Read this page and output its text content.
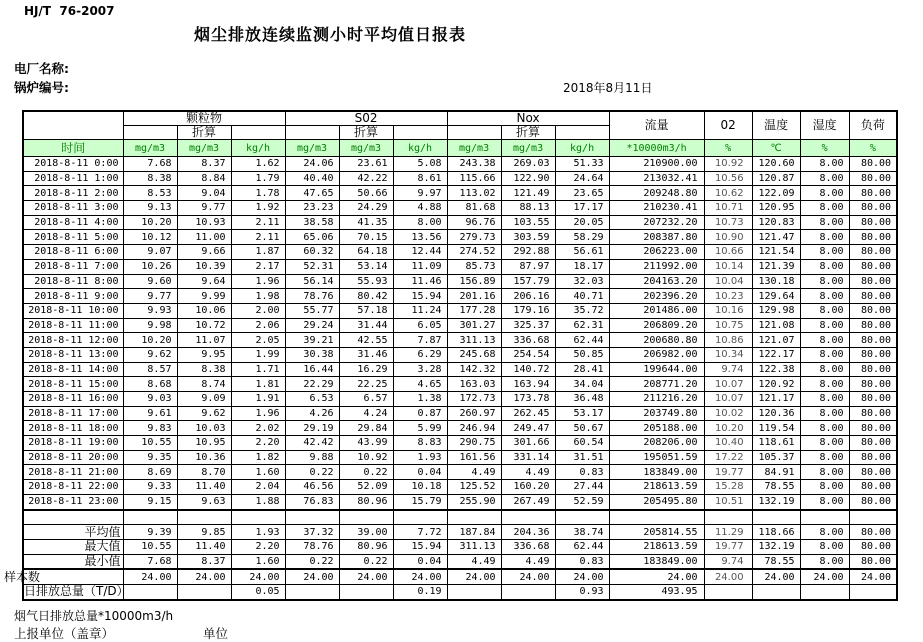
HJ/T  76-2007
烟尘排放连续监测小时平均值日报表
电厂名称:
锅炉编号:	2018年8月11日
	颗粒物			S02			Nox			流量	02	温度	湿度	负荷
		折算			折算			折算						
时间	mg/m3	mg/m3	kg/h	mg/m3	mg/m3	kg/h	mg/m3	mg/m3	kg/h	*10000m3/h	%	℃	%	%
2018-8-11 0:00	7.68	8.37	1.62	24.06	23.61	5.08	243.38	269.03	51.33	210900.00	10.92	120.60	8.00	80.00
2018-8-11 1:00	8.38	8.84	1.79	40.40	42.22	8.61	115.66	122.90	24.64	213032.41	10.56	120.87	8.00	80.00
2018-8-11 2:00	8.53	9.04	1.78	47.65	50.66	9.97	113.02	121.49	23.65	209248.80	10.62	122.09	8.00	80.00
2018-8-11 3:00	9.13	9.77	1.92	23.23	24.29	4.88	81.68	88.13	17.17	210230.41	10.71	120.95	8.00	80.00
2018-8-11 4:00	10.20	10.93	2.11	38.58	41.35	8.00	96.76	103.55	20.05	207232.20	10.73	120.83	8.00	80.00
2018-8-11 5:00	10.12	11.00	2.11	65.06	70.15	13.56	279.73	303.59	58.29	208387.80	10.90	121.47	8.00	80.00
2018-8-11 6:00	9.07	9.66	1.87	60.32	64.18	12.44	274.52	292.88	56.61	206223.00	10.66	121.54	8.00	80.00
2018-8-11 7:00	10.26	10.39	2.17	52.31	53.14	11.09	85.73	87.97	18.17	211992.00	10.14	121.39	8.00	80.00
2018-8-11 8:00	9.60	9.64	1.96	56.14	55.93	11.46	156.89	157.79	32.03	204163.20	10.04	130.18	8.00	80.00
2018-8-11 9:00	9.77	9.99	1.98	78.76	80.42	15.94	201.16	206.16	40.71	202396.20	10.23	129.64	8.00	80.00
2018-8-11 10:00	9.93	10.06	2.00	55.77	57.18	11.24	177.28	179.16	35.72	201486.00	10.16	129.98	8.00	80.00
2018-8-11 11:00	9.98	10.72	2.06	29.24	31.44	6.05	301.27	325.37	62.31	206809.20	10.75	121.08	8.00	80.00
2018-8-11 12:00	10.20	11.07	2.05	39.21	42.55	7.87	311.13	336.68	62.44	200680.80	10.86	121.07	8.00	80.00
2018-8-11 13:00	9.62	9.95	1.99	30.38	31.46	6.29	245.68	254.54	50.85	206982.00	10.34	122.17	8.00	80.00
2018-8-11 14:00	8.57	8.38	1.71	16.44	16.29	3.28	142.32	140.72	28.41	199644.00	9.74	122.38	8.00	80.00
2018-8-11 15:00	8.68	8.74	1.81	22.29	22.25	4.65	163.03	163.94	34.04	208771.20	10.07	120.92	8.00	80.00
2018-8-11 16:00	9.03	9.09	1.91	6.53	6.57	1.38	172.73	173.78	36.48	211216.20	10.07	121.17	8.00	80.00
2018-8-11 17:00	9.61	9.62	1.96	4.26	4.24	0.87	260.97	262.45	53.17	203749.80	10.02	120.36	8.00	80.00
2018-8-11 18:00	9.83	10.03	2.02	29.19	29.84	5.99	246.94	249.47	50.67	205188.00	10.20	119.54	8.00	80.00
2018-8-11 19:00	10.55	10.95	2.20	42.42	43.99	8.83	290.75	301.66	60.54	208206.00	10.40	118.61	8.00	80.00
2018-8-11 20:00	9.35	10.36	1.82	9.88	10.92	1.93	161.56	331.14	31.51	195051.59	17.22	105.37	8.00	80.00
2018-8-11 21:00	8.69	8.70	1.60	0.22	0.22	0.04	4.49	4.49	0.83	183849.00	19.77	84.91	8.00	80.00
2018-8-11 22:00	9.33	11.40	2.04	46.56	52.09	10.18	125.52	160.20	27.44	218613.59	15.28	78.55	8.00	80.00
2018-8-11 23:00	9.15	9.63	1.88	76.83	80.96	15.79	255.90	267.49	52.59	205495.80	10.51	132.19	8.00	80.00

平均值	9.39	9.85	1.93	37.32	39.00	7.72	187.84	204.36	38.74	205814.55	11.29	118.66	8.00	80.00
最大值	10.55	11.40	2.20	78.76	80.96	15.94	311.13	336.68	62.44	218613.59	19.77	132.19	8.00	80.00
最小值	7.68	8.37	1.60	0.22	0.22	0.04	4.49	4.49	0.83	183849.00	9.74	78.55	8.00	80.00
样本数	24.00	24.00	24.00	24.00	24.00	24.00	24.00	24.00	24.00	24.00	24.00	24.00	24.00	24.00
日排放总量（T/D）			0.05			0.19			0.93	493.95				
烟气日排放总量*10000m3/h
上报单位（盖章）	单位
